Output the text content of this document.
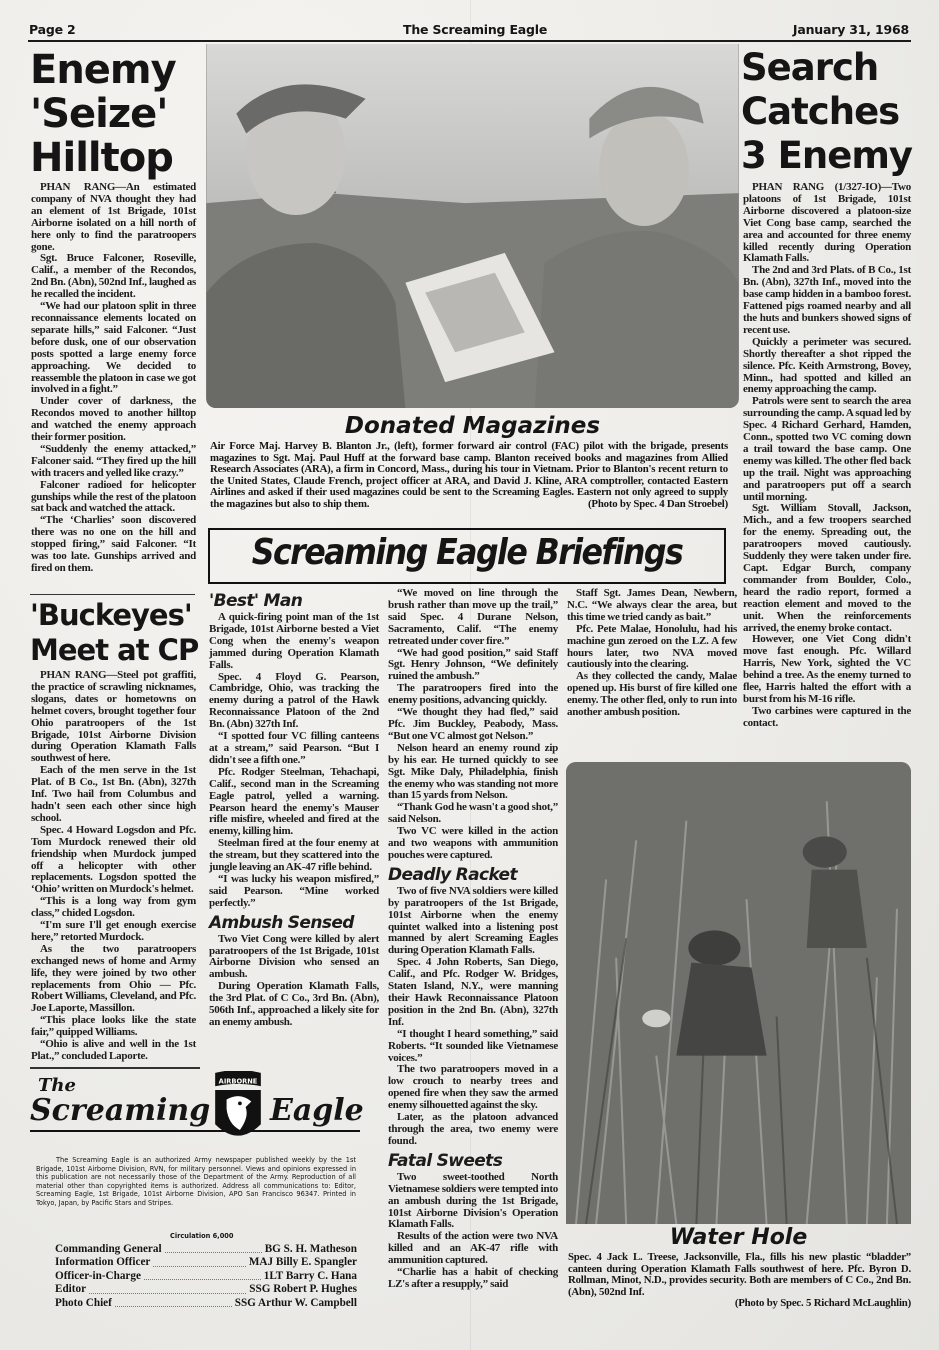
Page 2	The Screaming Eagle	January 31, 1968
Enemy
'Seize'
Hilltop

PHAN RANG—An estimated company of NVA thought they had an element of 1st Brigade, 101st Airborne isolated on a hill north of here only to find the paratroopers gone.

Sgt. Bruce Falconer, Roseville, Calif., a member of the Recondos, 2nd Bn. (Abn), 502nd Inf., laughed as he recalled the incident.

“We had our platoon split in three reconnaissance elements located on separate hills,” said Falconer. “Just before dusk, one of our observation posts spotted a large enemy force approaching. We decided to reassemble the platoon in case we got involved in a fight.”

Under cover of darkness, the Recondos moved to another hilltop and watched the enemy approach their former position.

“Suddenly the enemy attacked,” Falconer said. “They fired up the hill with tracers and yelled like crazy.”

Falconer radioed for helicopter gunships while the rest of the platoon sat back and watched the attack.

“The ‘Charlies’ soon discovered there was no one on the hill and stopped firing,” said Falconer. “It was too late. Gunships arrived and fired on them.

'Buckeyes'
Meet at CP

PHAN RANG—Steel pot graffiti, the practice of scrawling nicknames, slogans, dates or hometowns on helmet covers, brought together four Ohio paratroopers of the 1st Brigade, 101st Airborne Division during Operation Klamath Falls southwest of here.

Each of the men serve in the 1st Plat. of B Co., 1st Bn. (Abn), 327th Inf. Two hail from Columbus and hadn't seen each other since high school.

Spec. 4 Howard Logsdon and Pfc. Tom Murdock renewed their old friendship when Murdock jumped off a helicopter with other replacements. Logsdon spotted the ‘Ohio’ written on Murdock's helmet.

“This is a long way from gym class,” chided Logsdon.

“I'm sure I'll get enough exercise here,” retorted Murdock.

As the two paratroopers exchanged news of home and Army life, they were joined by two other replacements from Ohio — Pfc. Robert Williams, Cleveland, and Pfc. Joe Laporte, Massillon.

“This place looks like the state fair,” quipped Williams.

“Ohio is alive and well in the 1st Plat.,” concluded Laporte.

Donated Magazines
Air Force Maj. Harvey B. Blanton Jr., (left), former forward air control (FAC) pilot with the brigade, presents magazines to Sgt. Maj. Paul Huff at the forward base camp. Blanton received books and magazines from Allied Research Associates (ARA), a firm in Concord, Mass., during his tour in Vietnam. Prior to Blanton's recent return to the United States, Claude French, project officer at ARA, and David J. Kline, ARA comptroller, contacted Eastern Airlines and asked if their used magazines could be sent to the Screaming Eagles. Eastern not only agreed to supply the magazines but also to ship them.	(Photo by Spec. 4 Dan Stroebel)
Search
Catches
3 Enemy

PHAN RANG (1/327-IO)—Two platoons of 1st Brigade, 101st Airborne discovered a platoon-size Viet Cong base camp, searched the area and accounted for three enemy killed recently during Operation Klamath Falls.

The 2nd and 3rd Plats. of B Co., 1st Bn. (Abn), 327th Inf., moved into the base camp hidden in a bamboo forest. Fattened pigs roamed nearby and all the huts and bunkers showed signs of recent use.

Quickly a perimeter was secured. Shortly thereafter a shot ripped the silence. Pfc. Keith Armstrong, Bovey, Minn., had spotted and killed an enemy approaching the camp.

Patrols were sent to search the area surrounding the camp. A squad led by Spec. 4 Richard Gerhard, Hamden, Conn., spotted two VC coming down a trail toward the base camp. One enemy was killed. The other fled back up the trail. Night was approaching and paratroopers put off a search until morning.

Sgt. William Stovall, Jackson, Mich., and a few troopers searched for the enemy. Spreading out, the paratroopers moved cautiously. Suddenly they were taken under fire. Capt. Edgar Burch, company commander from Boulder, Colo., heard the radio report, formed a reaction element and moved to the unit. When the reinforcements arrived, the enemy broke contact.

However, one Viet Cong didn't move fast enough. Pfc. Willard Harris, New York, sighted the VC behind a tree. As the enemy turned to flee, Harris halted the effort with a burst from his M-16 rifle.

Two carbines were captured in the contact.

Screaming Eagle Briefings
'Best' Man

A quick-firing point man of the 1st Brigade, 101st Airborne bested a Viet Cong when the enemy's weapon jammed during Operation Klamath Falls.

Spec. 4 Floyd G. Pearson, Cambridge, Ohio, was tracking the enemy during a patrol of the Hawk Reconnaissance Platoon of the 2nd Bn. (Abn) 327th Inf.

“I spotted four VC filling canteens at a stream,” said Pearson. “But I didn't see a fifth one.”

Pfc. Rodger Steelman, Tehachapi, Calif., second man in the Screaming Eagle patrol, yelled a warning. Pearson heard the enemy's Mauser rifle misfire, wheeled and fired at the enemy, killing him.

Steelman fired at the four enemy at the stream, but they scattered into the jungle leaving an AK-47 rifle behind.

“I was lucky his weapon misfired,” said Pearson. “Mine worked perfectly.”

Ambush Sensed

Two Viet Cong were killed by alert paratroopers of the 1st Brigade, 101st Airborne Division who sensed an ambush.

During Operation Klamath Falls, the 3rd Plat. of C Co., 3rd Bn. (Abn), 506th Inf., approached a likely site for an enemy ambush.

“We moved on line through the brush rather than move up the trail,” said Spec. 4 Durane Nelson, Sacramento, Calif. “The enemy retreated under cover fire.”

“We had good position,” said Staff Sgt. Henry Johnson, “We definitely ruined the ambush.”

The paratroopers fired into the enemy positions, advancing quickly.

“We thought they had fled,” said Pfc. Jim Buckley, Peabody, Mass. “But one VC almost got Nelson.”

Nelson heard an enemy round zip by his ear. He turned quickly to see Sgt. Mike Daly, Philadelphia, finish the enemy who was standing not more than 15 yards from Nelson.

“Thank God he wasn't a good shot,” said Nelson.

Two VC were killed in the action and two weapons with ammunition pouches were captured.

Deadly Racket

Two of five NVA soldiers were killed by paratroopers of the 1st Brigade, 101st Airborne when the enemy quintet walked into a listening post manned by alert Screaming Eagles during Operation Klamath Falls.

Spec. 4 John Roberts, San Diego, Calif., and Pfc. Rodger W. Bridges, Staten Island, N.Y., were manning their Hawk Reconnaissance Platoon position in the 2nd Bn. (Abn), 327th Inf.

“I thought I heard something,” said Roberts. “It sounded like Vietnamese voices.”

The two paratroopers moved in a low crouch to nearby trees and opened fire when they saw the armed enemy silhouetted against the sky.

Later, as the platoon advanced through the area, two enemy were found.

Fatal Sweets

Two sweet-toothed North Vietnamese soldiers were tempted into an ambush during the 1st Brigade, 101st Airborne Division's Operation Klamath Falls.

Results of the action were two NVA killed and an AK-47 rifle with ammunition captured.

“Charlie has a habit of checking LZ's after a resupply,” said

Staff Sgt. James Dean, Newbern, N.C. “We always clear the area, but this time we tried candy as bait.”

Pfc. Pete Malae, Honolulu, had his machine gun zeroed on the LZ. A few hours later, two NVA moved cautiously into the clearing.

As they collected the candy, Malae opened up. His burst of fire killed one enemy. The other fled, only to run into another ambush position.

Water Hole
Spec. 4 Jack L. Treese, Jacksonville, Fla., fills his new plastic “bladder” canteen during Operation Klamath Falls southwest of here. Pfc. Byron D. Rollman, Minot, N.D., provides security. Both are members of C Co., 2nd Bn. (Abn), 502nd Inf.
(Photo by Spec. 5 Richard McLaughlin)
The
Screaming Eagle
AIRBORNE
The Screaming Eagle is an authorized Army newspaper published weekly by the 1st Brigade, 101st Airborne Division, RVN, for military personnel. Views and opinions expressed in this publication are not necessarily those of the Department of the Army. Reproduction of all material other than copyrighted items is authorized. Address all communications to: Editor, Screaming Eagle, 1st Brigade, 101st Airborne Division, APO San Francisco 96347. Printed in Tokyo, Japan, by Pacific Stars and Stripes.
Circulation 6,000
Commanding General	BG S. H. Matheson
Information Officer	MAJ Billy E. Spangler
Officer-in-Charge	1LT Barry C. Hana
Editor	SSG Robert P. Hughes
Photo Chief	SSG Arthur W. Campbell
